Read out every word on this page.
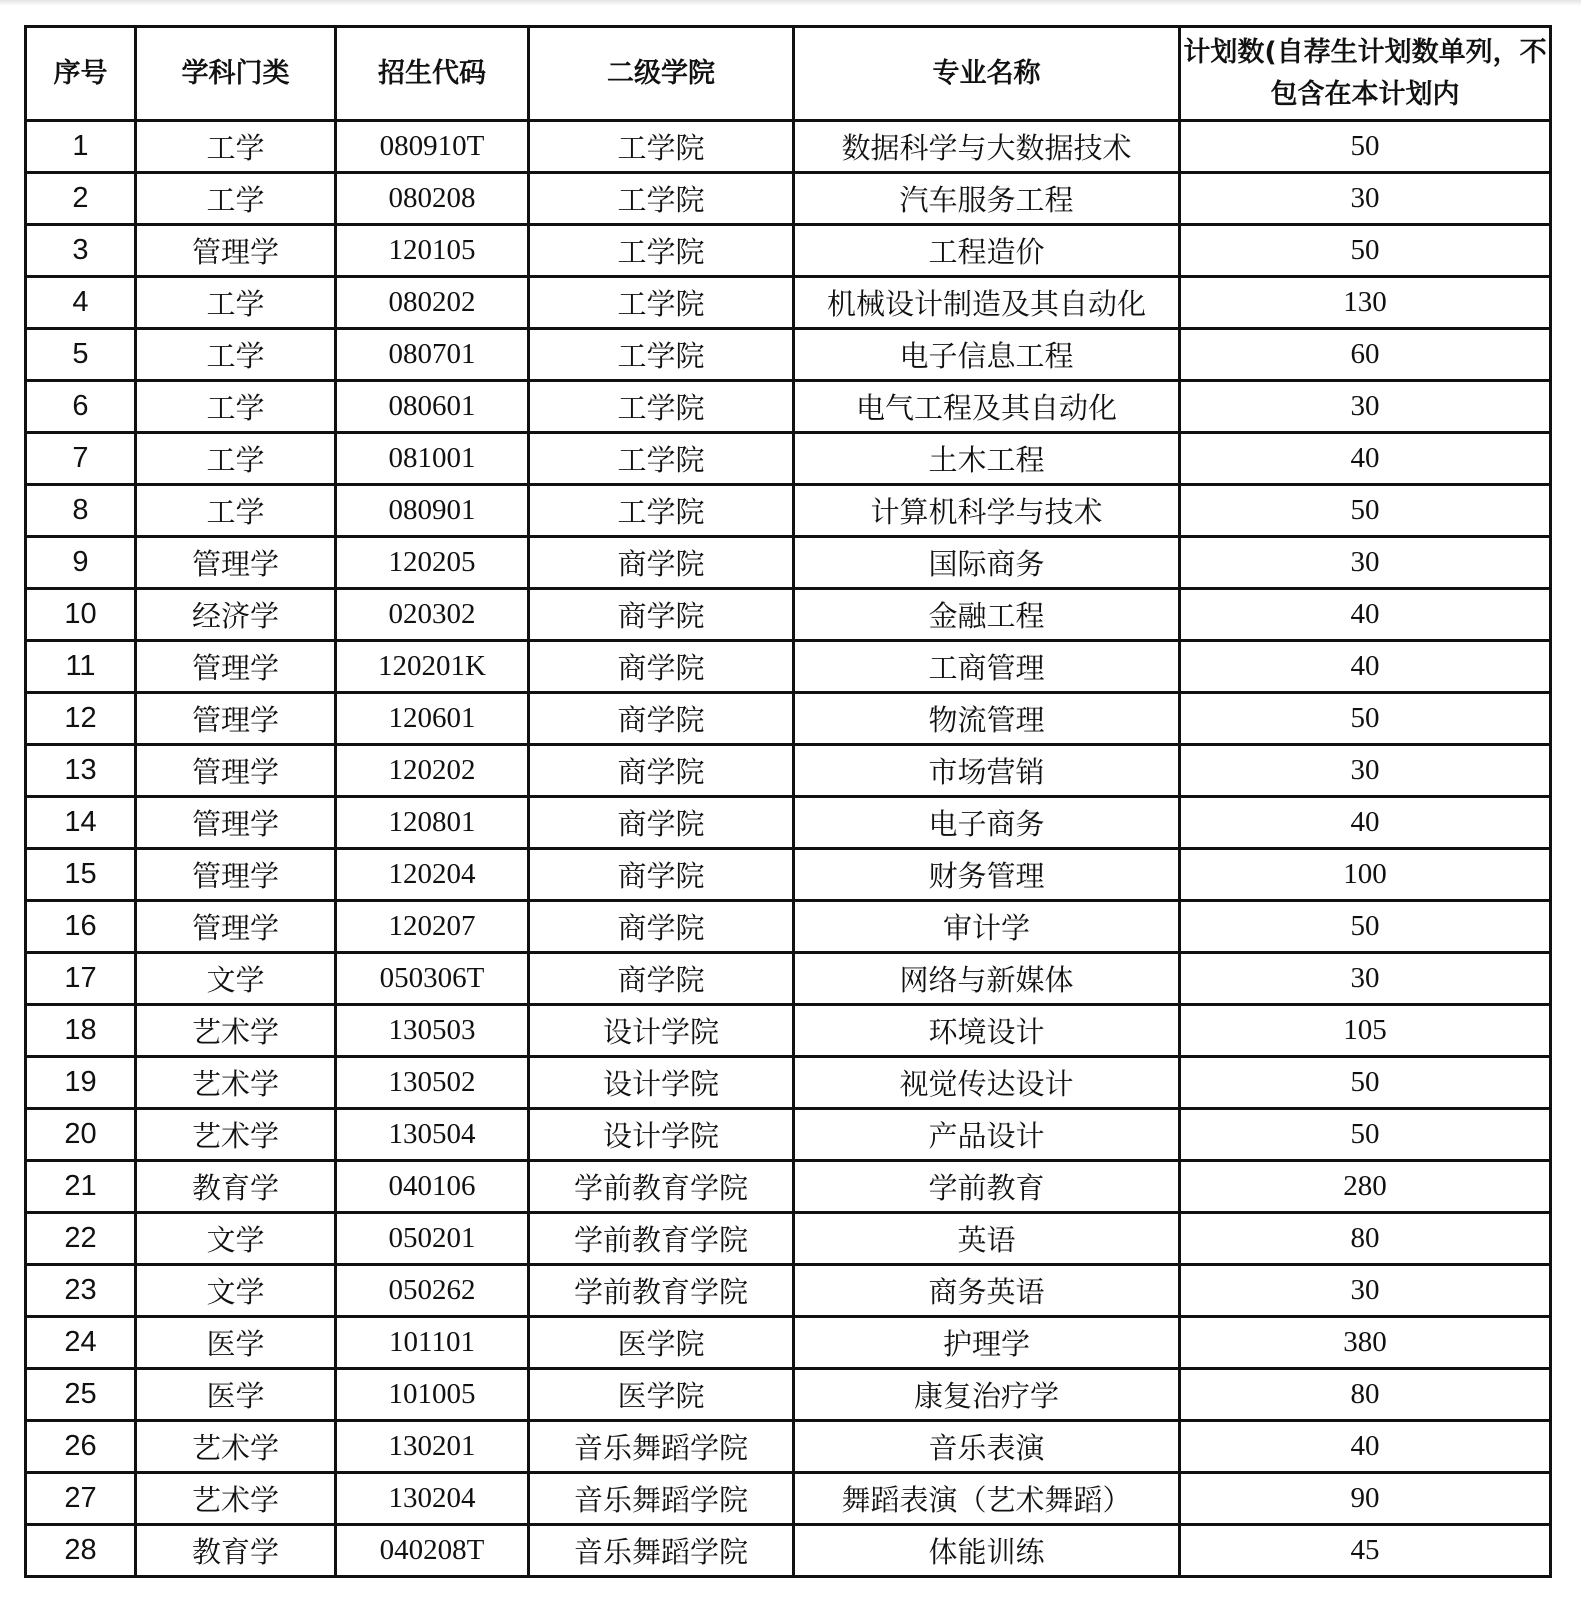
序号	学科门类	招生代码	二级学院	专业名称	计划数(自荐生计划数单列，不包含在本计划内
1	工学	080910T	工学院	数据科学与大数据技术	50
2	工学	080208	工学院	汽车服务工程	30
3	管理学	120105	工学院	工程造价	50
4	工学	080202	工学院	机械设计制造及其自动化	130
5	工学	080701	工学院	电子信息工程	60
6	工学	080601	工学院	电气工程及其自动化	30
7	工学	081001	工学院	土木工程	40
8	工学	080901	工学院	计算机科学与技术	50
9	管理学	120205	商学院	国际商务	30
10	经济学	020302	商学院	金融工程	40
11	管理学	120201K	商学院	工商管理	40
12	管理学	120601	商学院	物流管理	50
13	管理学	120202	商学院	市场营销	30
14	管理学	120801	商学院	电子商务	40
15	管理学	120204	商学院	财务管理	100
16	管理学	120207	商学院	审计学	50
17	文学	050306T	商学院	网络与新媒体	30
18	艺术学	130503	设计学院	环境设计	105
19	艺术学	130502	设计学院	视觉传达设计	50
20	艺术学	130504	设计学院	产品设计	50
21	教育学	040106	学前教育学院	学前教育	280
22	文学	050201	学前教育学院	英语	80
23	文学	050262	学前教育学院	商务英语	30
24	医学	101101	医学院	护理学	380
25	医学	101005	医学院	康复治疗学	80
26	艺术学	130201	音乐舞蹈学院	音乐表演	40
27	艺术学	130204	音乐舞蹈学院	舞蹈表演（艺术舞蹈）	90
28	教育学	040208T	音乐舞蹈学院	体能训练	45
